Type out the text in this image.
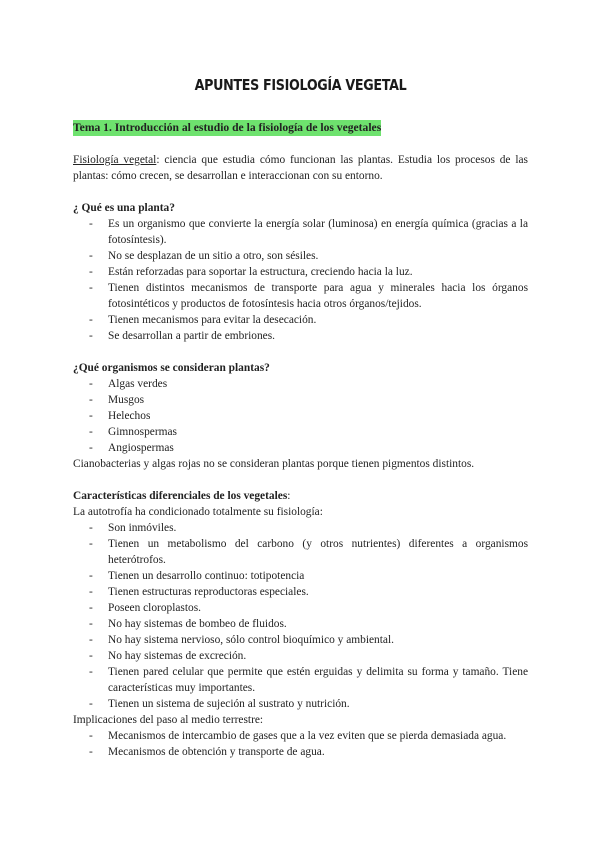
APUNTES FISIOLOGÍA VEGETAL
Tema 1. Introducción al estudio de la fisiología de los vegetales

Fisiología vegetal: ciencia que estudia cómo funcionan las plantas. Estudia los procesos de las plantas: cómo crecen, se desarrollan e interaccionan con su entorno.

¿ Qué es una planta?

- Es un organismo que convierte la energía solar (luminosa) en energía química (gracias a la fotosíntesis).
- No se desplazan de un sitio a otro, son sésiles.
- Están reforzadas para soportar la estructura, creciendo hacia la luz.
- Tienen distintos mecanismos de transporte para agua y minerales hacia los órganos fotosintéticos y productos de fotosíntesis hacia otros órganos/tejidos.
- Tienen mecanismos para evitar la desecación.
- Se desarrollan a partir de embriones.

¿Qué organismos se consideran plantas?

- Algas verdes
- Musgos
- Helechos
- Gimnospermas
- Angiospermas

Cianobacterias y algas rojas no se consideran plantas porque tienen pigmentos distintos.

Características diferenciales de los vegetales:

La autotrofía ha condicionado totalmente su fisiología:

- Son inmóviles.
- Tienen un metabolismo del carbono (y otros nutrientes) diferentes a organismos heterótrofos.
- Tienen un desarrollo continuo: totipotencia
- Tienen estructuras reproductoras especiales.
- Poseen cloroplastos.
- No hay sistemas de bombeo de fluidos.
- No hay sistema nervioso, sólo control bioquímico y ambiental.
- No hay sistemas de excreción.
- Tienen pared celular que permite que estén erguidas y delimita su forma y tamaño. Tiene características muy importantes.
- Tienen un sistema de sujeción al sustrato y nutrición.

Implicaciones del paso al medio terrestre:

- Mecanismos de intercambio de gases que a la vez eviten que se pierda demasiada agua.
- Mecanismos de obtención y transporte de agua.
